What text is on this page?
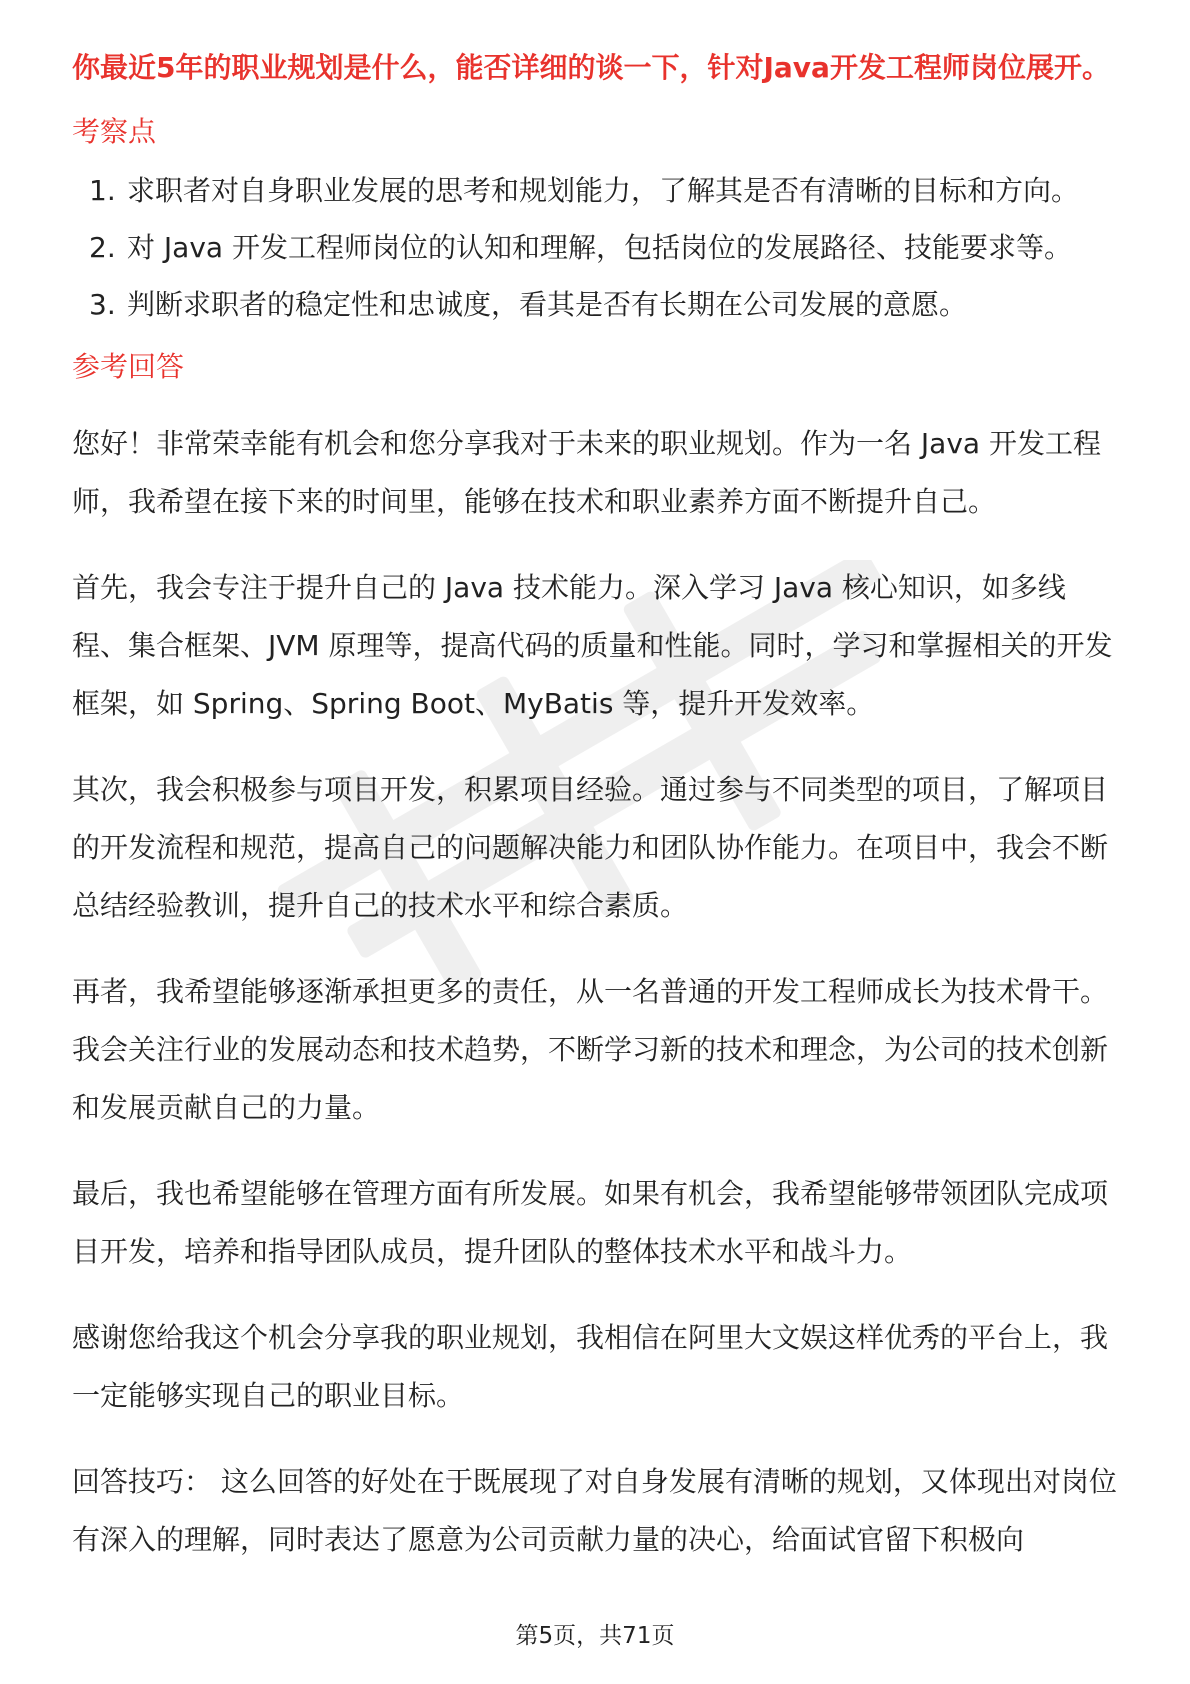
你最近5年的职业规划是什么，能否详细的谈一下，针对Java开发工程师岗位展开。

考察点

1. 求职者对自身职业发展的思考和规划能力，了解其是否有清晰的目标和方向。
2. 对 Java 开发工程师岗位的认知和理解，包括岗位的发展路径、技能要求等。
3. 判断求职者的稳定性和忠诚度，看其是否有长期在公司发展的意愿。

参考回答

您好！非常荣幸能有机会和您分享我对于未来的职业规划。作为一名 Java 开发工程师，我希望在接下来的时间里，能够在技术和职业素养方面不断提升自己。

首先，我会专注于提升自己的 Java 技术能力。深入学习 Java 核心知识，如多线程、集合框架、JVM 原理等，提高代码的质量和性能。同时，学习和掌握相关的开发框架，如 Spring、Spring Boot、MyBatis 等，提升开发效率。

其次，我会积极参与项目开发，积累项目经验。通过参与不同类型的项目，了解项目的开发流程和规范，提高自己的问题解决能力和团队协作能力。在项目中，我会不断总结经验教训，提升自己的技术水平和综合素质。

再者，我希望能够逐渐承担更多的责任，从一名普通的开发工程师成长为技术骨干。我会关注行业的发展动态和技术趋势，不断学习新的技术和理念，为公司的技术创新和发展贡献自己的力量。

最后，我也希望能够在管理方面有所发展。如果有机会，我希望能够带领团队完成项目开发，培养和指导团队成员，提升团队的整体技术水平和战斗力。

感谢您给我这个机会分享我的职业规划，我相信在阿里大文娱这样优秀的平台上，我一定能够实现自己的职业目标。

回答技巧： 这么回答的好处在于既展现了对自身发展有清晰的规划，又体现出对岗位有深入的理解，同时表达了愿意为公司贡献力量的决心，给面试官留下积极向

第5页，共71页
